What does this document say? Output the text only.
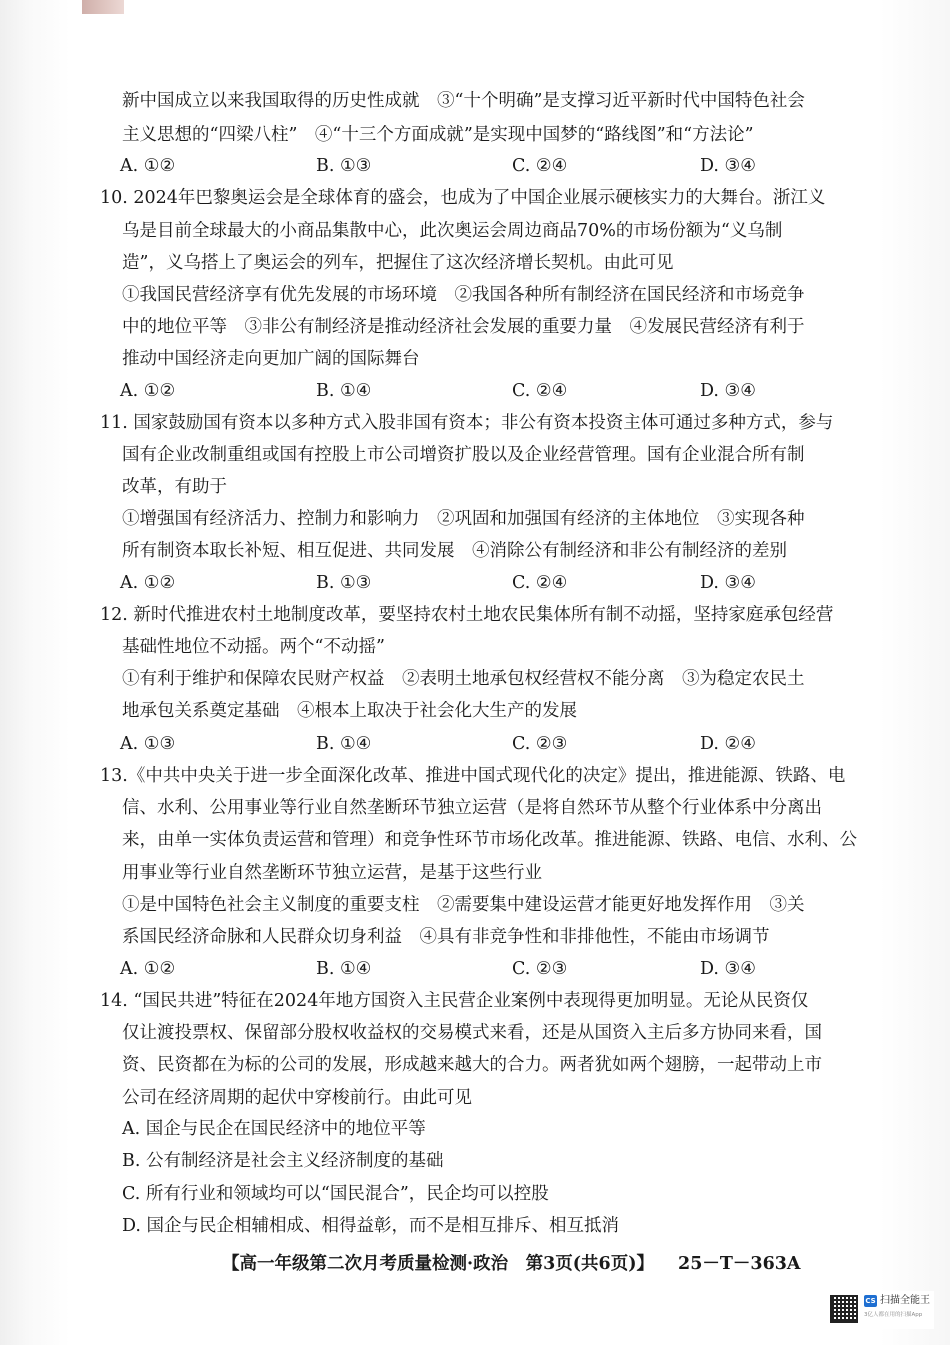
新中国成立以来我国取得的历史性成就　③“十个明确”是支撑习近平新时代中国特色社会
主义思想的“四梁八柱”　④“十三个方面成就”是实现中国梦的“路线图”和“方法论”
A. ①②	B. ①③	C. ②④	D. ③④
10. 2024年巴黎奥运会是全球体育的盛会，也成为了中国企业展示硬核实力的大舞台。浙江义
乌是目前全球最大的小商品集散中心，此次奥运会周边商品70%的市场份额为“义乌制
造”，义乌搭上了奥运会的列车，把握住了这次经济增长契机。由此可见
①我国民营经济享有优先发展的市场环境　②我国各种所有制经济在国民经济和市场竞争
中的地位平等　③非公有制经济是推动经济社会发展的重要力量　④发展民营经济有利于
推动中国经济走向更加广阔的国际舞台
A. ①②	B. ①④	C. ②④	D. ③④
11. 国家鼓励国有资本以多种方式入股非国有资本；非公有资本投资主体可通过多种方式，参与
国有企业改制重组或国有控股上市公司增资扩股以及企业经营管理。国有企业混合所有制
改革，有助于
①增强国有经济活力、控制力和影响力　②巩固和加强国有经济的主体地位　③实现各种
所有制资本取长补短、相互促进、共同发展　④消除公有制经济和非公有制经济的差别
A. ①②	B. ①③	C. ②④	D. ③④
12. 新时代推进农村土地制度改革，要坚持农村土地农民集体所有制不动摇，坚持家庭承包经营
基础性地位不动摇。两个“不动摇”
①有利于维护和保障农民财产权益　②表明土地承包权经营权不能分离　③为稳定农民土
地承包关系奠定基础　④根本上取决于社会化大生产的发展
A. ①③	B. ①④	C. ②③	D. ②④
13.《中共中央关于进一步全面深化改革、推进中国式现代化的决定》提出，推进能源、铁路、电
信、水利、公用事业等行业自然垄断环节独立运营（是将自然环节从整个行业体系中分离出
来，由单一实体负责运营和管理）和竞争性环节市场化改革。推进能源、铁路、电信、水利、公
用事业等行业自然垄断环节独立运营，是基于这些行业
①是中国特色社会主义制度的重要支柱　②需要集中建设运营才能更好地发挥作用　③关
系国民经济命脉和人民群众切身利益　④具有非竞争性和非排他性，不能由市场调节
A. ①②	B. ①④	C. ②③	D. ③④
14. “国民共进”特征在2024年地方国资入主民营企业案例中表现得更加明显。无论从民资仅
仅让渡投票权、保留部分股权收益权的交易模式来看，还是从国资入主后多方协同来看，国
资、民资都在为标的公司的发展，形成越来越大的合力。两者犹如两个翅膀，一起带动上市
公司在经济周期的起伏中穿梭前行。由此可见
A. 国企与民企在国民经济中的地位平等
B. 公有制经济是社会主义经济制度的基础
C. 所有行业和领域均可以“国民混合”，民企均可以控股
D. 国企与民企相辅相成、相得益彰，而不是相互排斥、相互抵消
【高一年级第二次月考质量检测·政治　第3页(共6页)】 25－T－363A
CS 扫描全能王
3亿人都在用的扫描App
